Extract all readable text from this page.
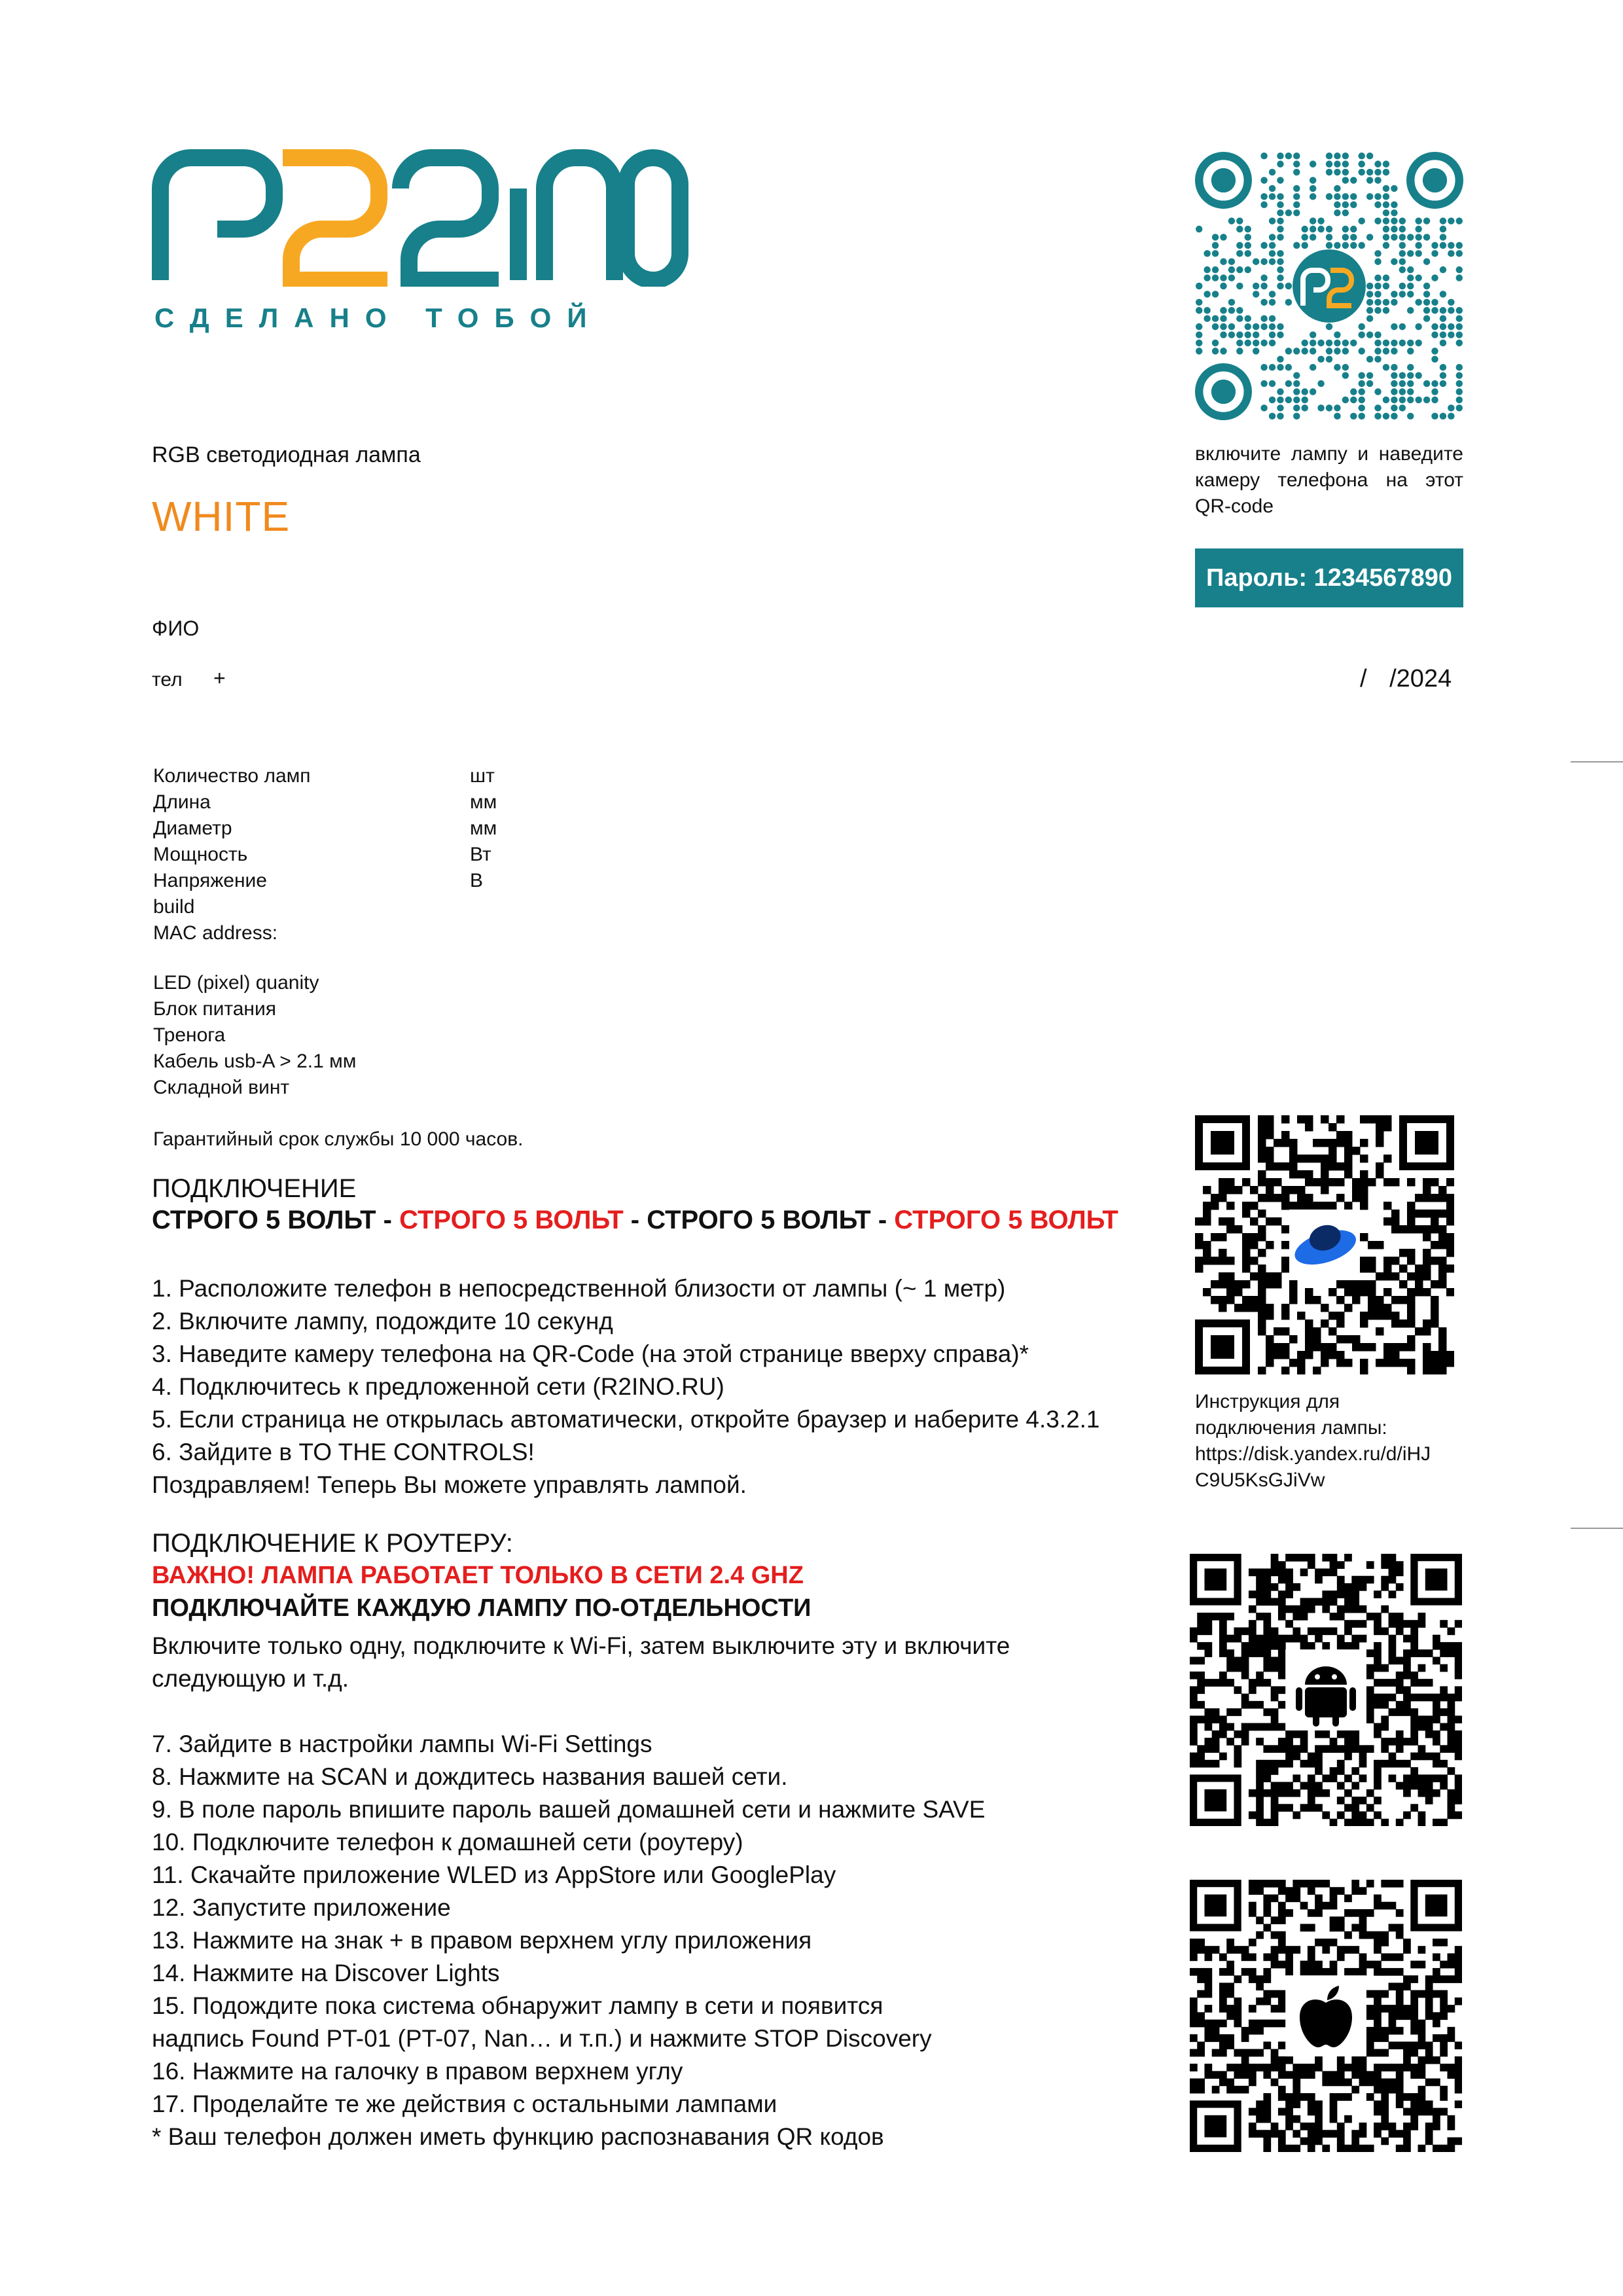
СДЕЛАНО ТОБОЙ
RGB светодиодная лампа
WHITE
ФИО
тел +	/ /2024
Количество ламп
Длина
Диаметр
Мощность
Напряжение
build
MAC address:
шт
мм
мм
Вт
В
LED (pixel) quanity
Блок питания
Тренога
Кабель usb-A > 2.1 мм
Складной винт
Гарантийный срок службы 10 000 часов.
ПОДКЛЮЧЕНИЕ
СТРОГО 5 ВОЛЬТ - СТРОГО 5 ВОЛЬТ - СТРОГО 5 ВОЛЬТ - СТРОГО 5 ВОЛЬТ
1. Расположите телефон в непосредственной близости от лампы (~ 1 метр)
2. Включите лампу, подождите 10 секунд
3. Наведите камеру телефона на QR-Code (на этой странице вверху справа)*
4. Подключитесь к предложенной сети (R2INO.RU)
5. Если страница не открылась автоматически, откройте браузер и наберите 4.3.2.1
6. Зайдите в TO THE CONTROLS!
Поздравляем! Теперь Вы можете управлять лампой.
ПОДКЛЮЧЕНИЕ К РОУТЕРУ:
ВАЖНО! ЛАМПА РАБОТАЕТ ТОЛЬКО В СЕТИ 2.4 GHZ
ПОДКЛЮЧАЙТЕ КАЖДУЮ ЛАМПУ ПО-ОТДЕЛЬНОСТИ
Включите только одну, подключите к Wi-Fi, затем выключите эту и включите следующую и т.д.
7. Зайдите в настройки лампы Wi-Fi Settings
8. Нажмите на SCAN и дождитесь названия вашей сети.
9. В поле пароль впишите пароль вашей домашней сети и нажмите SAVE
10. Подключите телефон к домашней сети (роутеру)
11. Скачайте приложение WLED из AppStore или GooglePlay
12. Запустите приложение
13. Нажмите на знак + в правом верхнем углу приложения
14. Нажмите на Discover Lights
15. Подождите пока система обнаружит лампу в сети и появится
надпись Found PT-01 (PT-07, Nan… и т.п.) и нажмите STOP Discovery
16. Нажмите на галочку в правом верхнем углу
17. Проделайте те же действия с остальными лампами
* Ваш телефон должен иметь функцию распознавания QR кодов
включите лампу и наведите камеру телефона на этот QR-code
Пароль: 1234567890
Инструкция для
подключения лампы:
https://disk.yandex.ru/d/iHJ
C9U5KsGJiVw
